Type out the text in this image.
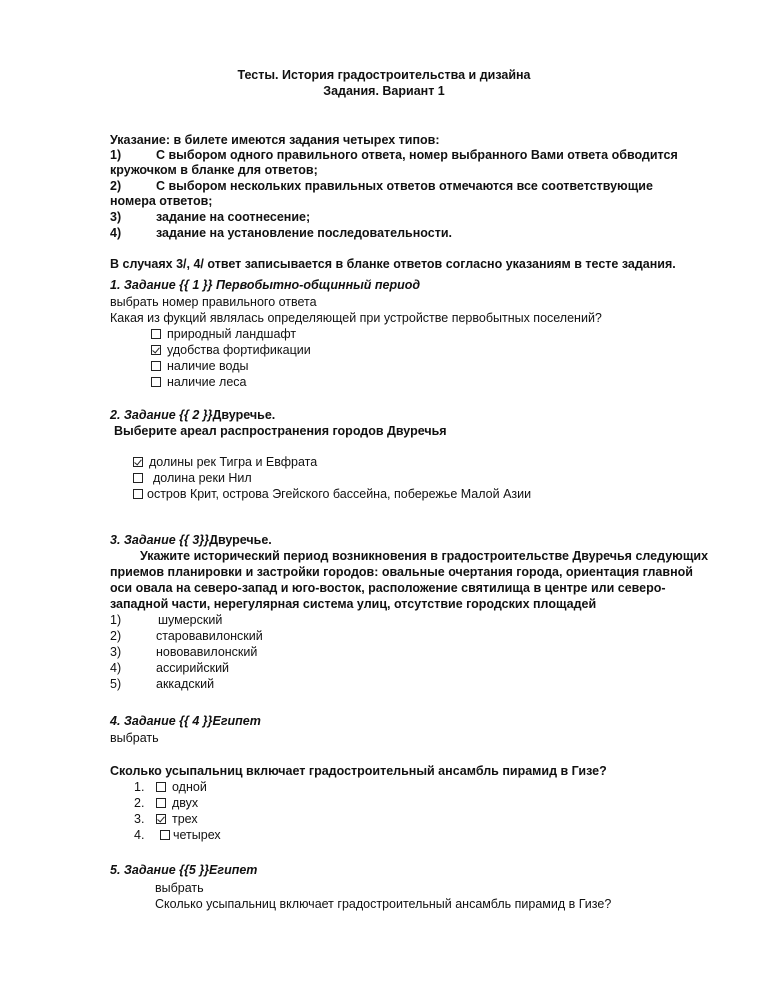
Тесты. История градостроительства и дизайна
Задания. Вариант 1
Указание: в билете имеются задания четырех типов:
1)	С выбором одного правильного ответа, номер выбранного Вами ответа обводится
кружочком в бланке для ответов;
2)	С выбором нескольких правильных ответов отмечаются все соответствующие
номера ответов;
3)	задание на соотнесение;
4)	задание на установление последовательности.
В случаях 3/, 4/ ответ записывается в бланке ответов согласно указаниям в тесте задания.
1. Задание {{ 1 }} Первобытно-общинный период
выбрать номер правильного ответа
Какая из фукций являлась определяющей при устройстве первобытных поселений?
природный ландшафт
удобства фортификации
наличие воды
наличие леса
2. Задание {{ 2 }}Двуречье.
Выберите ареал распространения городов Двуречья
долины рек Тигра и Евфрата
долина реки Нил
остров Крит, острова Эгейского бассейна, побережье Малой Азии
3. Задание {{ 3}}Двуречье.
Укажите исторический период возникновения в градостроительстве Двуречья следующих
приемов планировки и застройки городов: овальные очертания города, ориентация главной
оси овала на северо-запад и юго-восток, расположение святилища в центре или северо-
западной части, нерегулярная система улиц, отсутствие городских площадей
1)	шумерский
2)	старовавилонский
3)	нововавилонский
4)	ассирийский
5)	аккадский
4. Задание {{ 4 }}Египет
выбрать
Сколько усыпальниц включает градостроительный ансамбль пирамид в Гизе?
1.	одной
2.	двух
3.	трех
4.	четырех
5. Задание {{5 }}Египет
выбрать
Сколько усыпальниц включает градостроительный ансамбль пирамид в Гизе?
